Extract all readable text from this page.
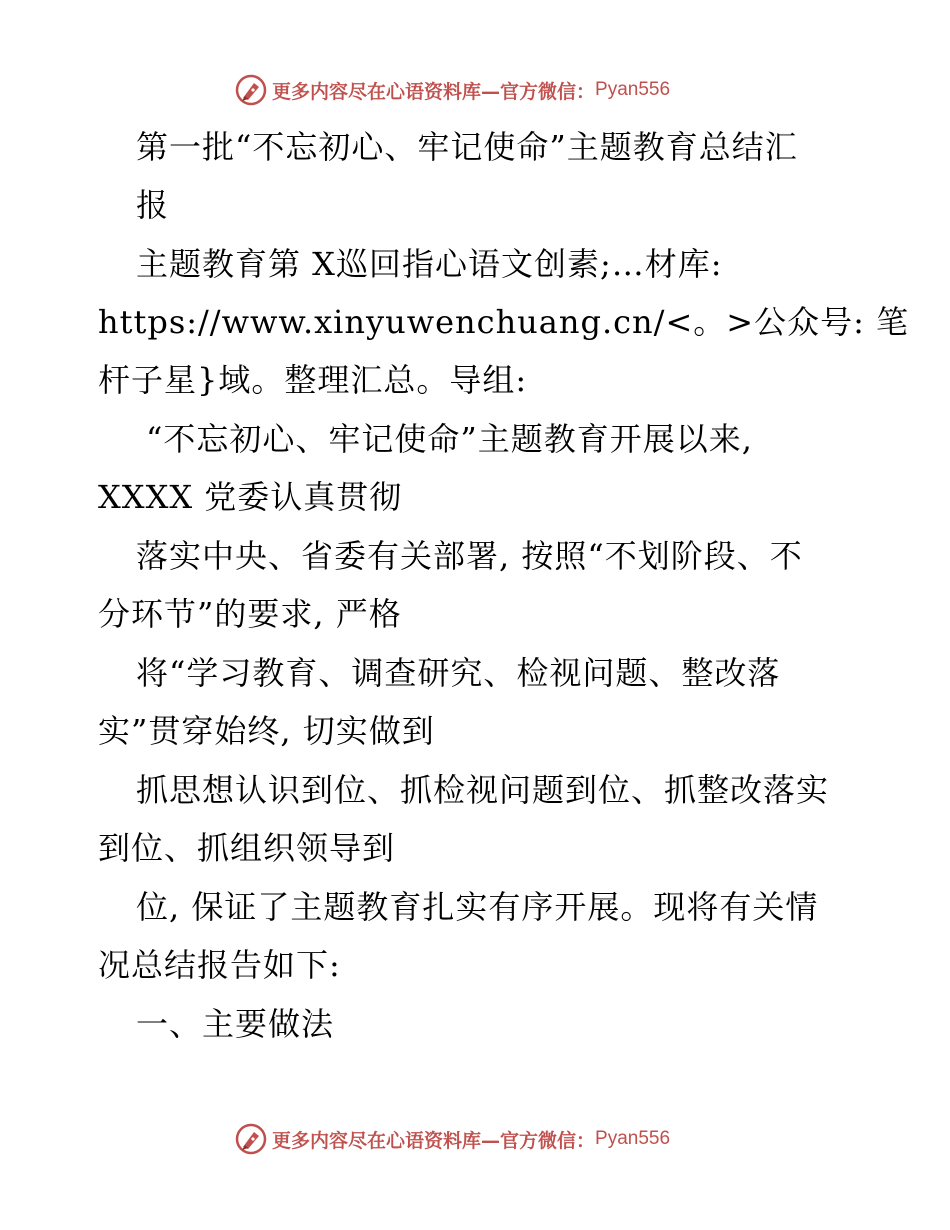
更多内容尽在心语资料库—官方微信： Pyan556
第一批“不忘初心、牢记使命”主题教育总结汇
报
主题教育第 X巡回指心语文创素;…材库:
https://www.xinyuwenchuang.cn/<。>公众号: 笔
杆子星}域。整理汇总。导组:
“不忘初心、牢记使命”主题教育开展以来,
XXXX 党委认真贯彻
落实中央、省委有关部署, 按照“不划阶段、不
分环节”的要求, 严格
将“学习教育、调查研究、检视问题、整改落
实”贯穿始终, 切实做到
抓思想认识到位、抓检视问题到位、抓整改落实
到位、抓组织领导到
位, 保证了主题教育扎实有序开展。现将有关情
况总结报告如下:
一、主要做法
更多内容尽在心语资料库—官方微信： Pyan556
